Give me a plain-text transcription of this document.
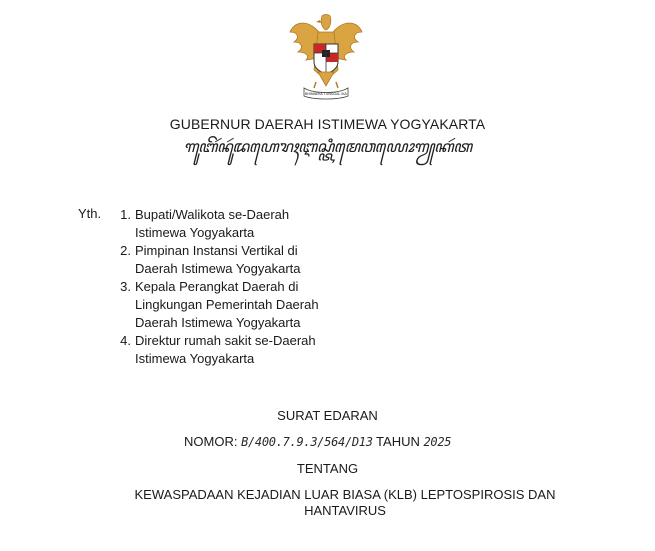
BHINNEKA TUNGGAL IKA
GUBERNUR DAERAH ISTIMEWA YOGYAKARTA
ꦒꦸꦧꦼꦂꦤꦸꦂꦢꦲꦺꦫꦃꦆꦱ꧀ꦠꦶꦩꦺꦮꦪꦺꦴꦒꦾꦏꦂꦠ
Yth.	1. Bupati/Walikota se-Daerah
Istimewa Yogyakarta
2. Pimpinan Instansi Vertikal di
Daerah Istimewa Yogyakarta
3. Kepala Perangkat Daerah di
Lingkungan Pemerintah Daerah
Daerah Istimewa Yogyakarta
4. Direktur rumah sakit se-Daerah
Istimewa Yogyakarta
SURAT EDARAN
NOMOR: B/400.7.9.3/564/D13 TAHUN 2025
TENTANG
KEWASPADAAN KEJADIAN LUAR BIASA (KLB) LEPTOSPIROSIS DAN
HANTAVIRUS
